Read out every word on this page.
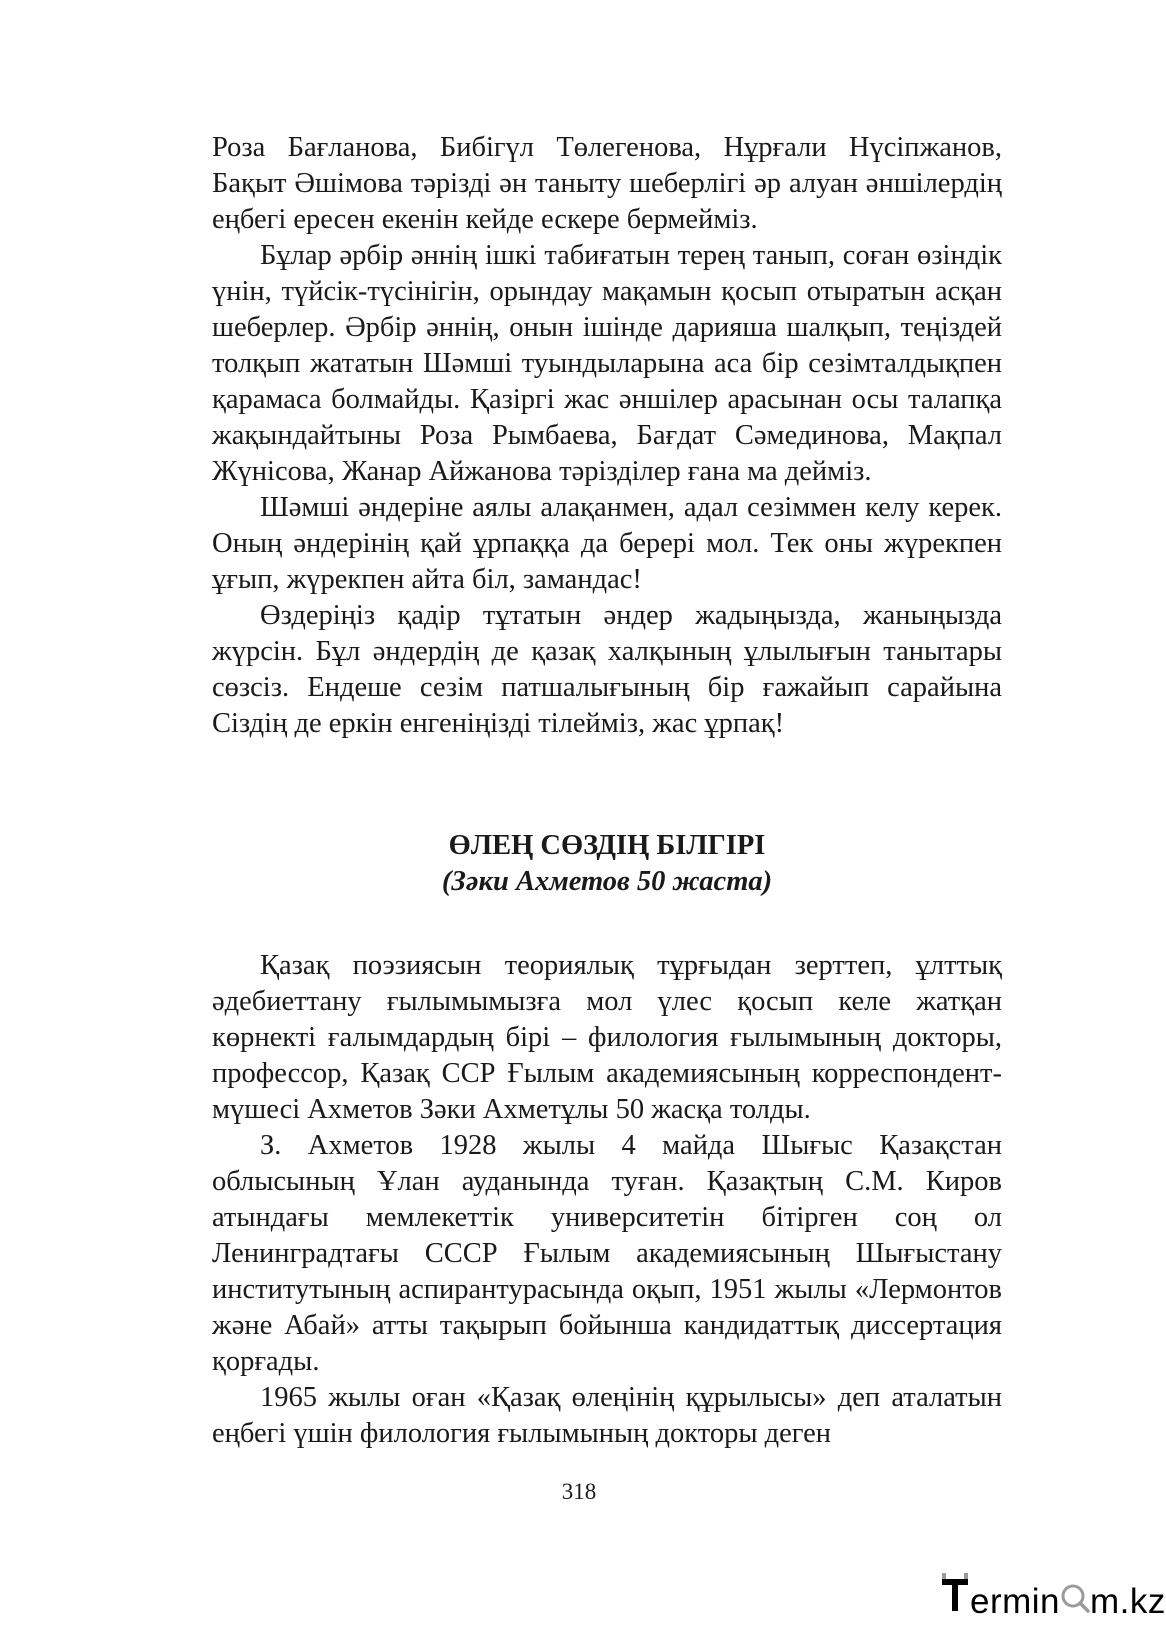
Роза Бағланова, Бибігүл Төлегенова, Нұрғали Нүсіпжанов, Бақыт Әшімова тәрізді ән таныту шеберлігі әр алуан әншілердің еңбегі ересен екенін кейде ескере бермейміз.

Бұлар әрбір әннің ішкі табиғатын терең танып, соған өзіндік үнін, түйсік-түсінігін, орындау мақамын қосып отыратын асқан шеберлер. Әрбір әннің, онын ішінде дарияша шалқып, теңіздей толқып жататын Шәмші туындыларына аса бір сезімталдықпен қарамаса болмайды. Қазіргі жас әншілер арасынан осы талапқа жақындайтыны Роза Рымбаева, Бағдат Сәмединова, Мақпал Жүнісова, Жанар Айжанова тәрізділер ғана ма дейміз.

Шәмші әндеріне аялы алақанмен, адал сезіммен келу керек. Оның әндерінің қай ұрпаққа да берері мол. Тек оны жүрекпен ұғып, жүрекпен айта біл, замандас!

Өздеріңіз қадір тұтатын әндер жадыңызда, жаныңызда жүрсін. Бұл әндердің де қазақ халқының ұлылығын танытары сөзсіз. Ендеше сезім патшалығының бір ғажайып сарайына Сіздің де еркін енгеніңізді тілейміз, жас ұрпақ!

ӨЛЕҢ СӨЗДІҢ БІЛГІРІ

(Зәки Ахметов 50 жаста)

Қазақ поэзиясын теориялық тұрғыдан зерттеп, ұлттық әдебиеттану ғылымымызға мол үлес қосып келе жатқан көрнекті ғалымдардың бірі – филология ғылымының докторы, профессор, Қазақ ССР Ғылым академиясының корреспондент-мүшесі Ахметов Зәки Ахметұлы 50 жасқа толды.

З. Ахметов 1928 жылы 4 майда Шығыс Қазақстан облысының Ұлан ауданында туған. Қазақтың С.М. Киров атындағы мемлекеттік университетін бітірген соң ол Ленинградтағы СССР Ғылым академиясының Шығыстану институтының аспирантурасында оқып, 1951 жылы «Лермонтов және Абай» атты тақырып бойынша кандидаттық диссертация қорғады.

1965 жылы оған «Қазақ өлеңінің құрылысы» деп аталатын еңбегі үшін филология ғылымының докторы деген

318
ermin m.kz
